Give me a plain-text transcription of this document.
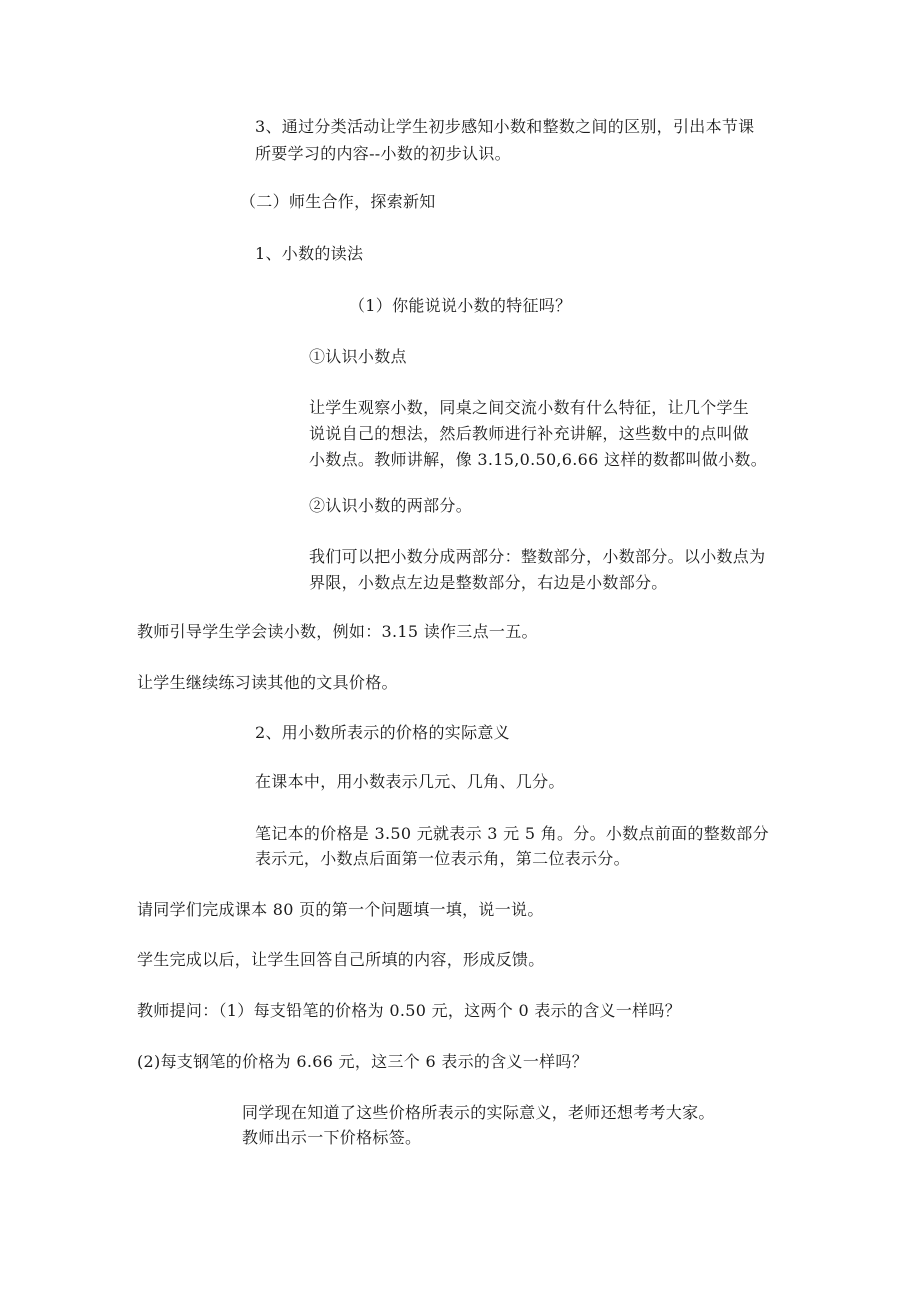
3、通过分类活动让学生初步感知小数和整数之间的区别，引出本节课
所要学习的内容--小数的初步认识。
（二）师生合作，探索新知
1、小数的读法
（1）你能说说小数的特征吗？
①认识小数点
让学生观察小数，同桌之间交流小数有什么特征，让几个学生
说说自己的想法，然后教师进行补充讲解，这些数中的点叫做
小数点。教师讲解，像 3.15,0.50,6.66 这样的数都叫做小数。
②认识小数的两部分。
我们可以把小数分成两部分：整数部分，小数部分。以小数点为
界限，小数点左边是整数部分，右边是小数部分。
教师引导学生学会读小数，例如：3.15 读作三点一五。
让学生继续练习读其他的文具价格。
2、用小数所表示的价格的实际意义
在课本中，用小数表示几元、几角、几分。
笔记本的价格是 3.50 元就表示 3 元 5 角。分。小数点前面的整数部分
表示元，小数点后面第一位表示角，第二位表示分。
请同学们完成课本 80 页的第一个问题填一填，说一说。
学生完成以后，让学生回答自己所填的内容，形成反馈。
教师提问：（1）每支铅笔的价格为 0.50 元，这两个 0 表示的含义一样吗？
(2)每支钢笔的价格为 6.66 元，这三个 6 表示的含义一样吗？
同学现在知道了这些价格所表示的实际意义，老师还想考考大家。
教师出示一下价格标签。
